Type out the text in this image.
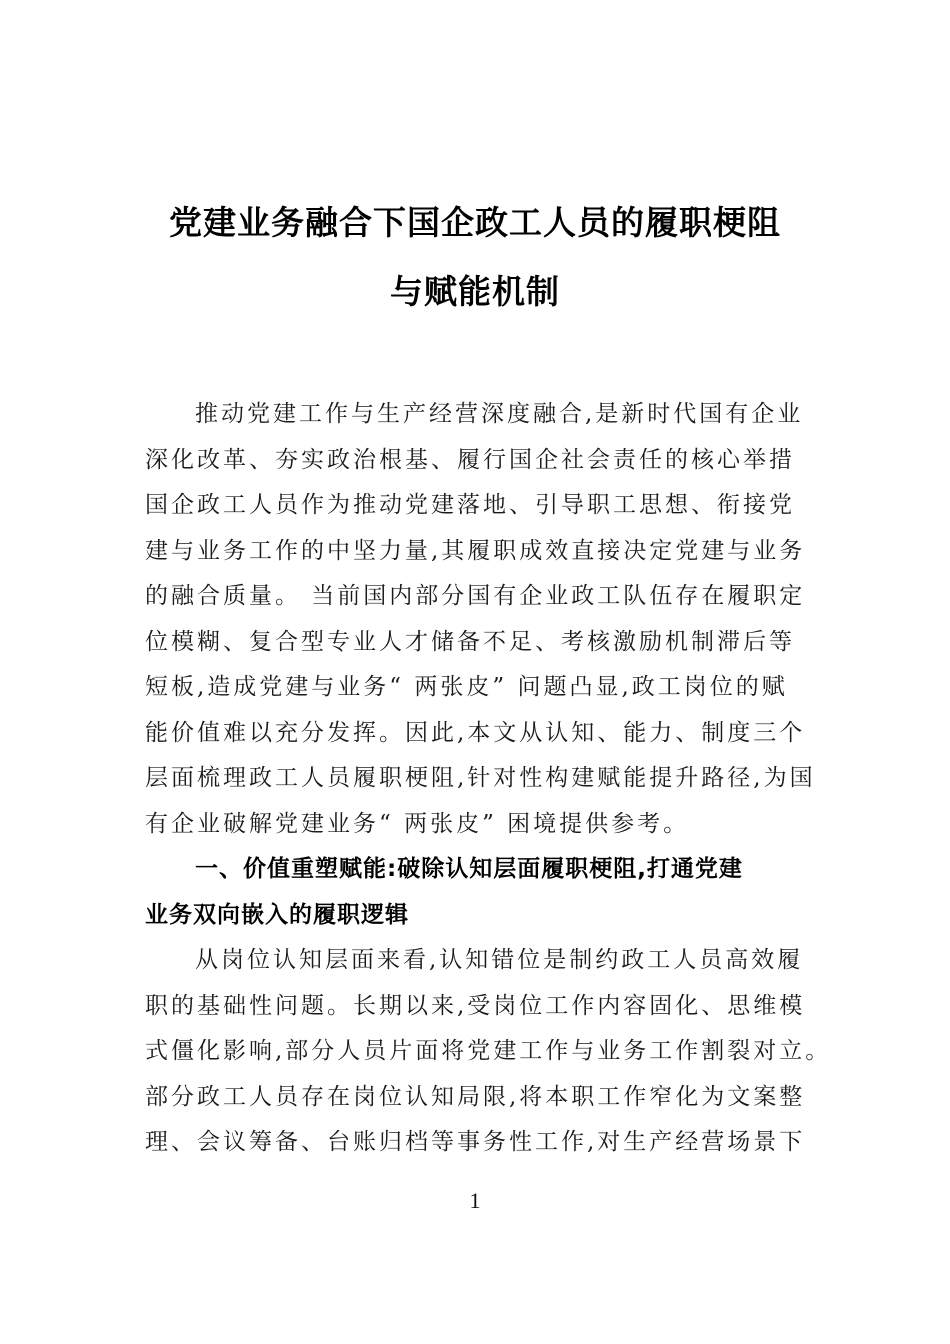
党建业务融合下国企政工人员的履职梗阻
与赋能机制
推动党建工作与生产经营深度融合,是新时代国有企业
深化改革、夯实政治根基、履行国企社会责任的核心举措
国企政工人员作为推动党建落地、引导职工思想、衔接党
建与业务工作的中坚力量,其履职成效直接决定党建与业务
的融合质量。 当前国内部分国有企业政工队伍存在履职定
位模糊、复合型专业人才储备不足、考核激励机制滞后等
短板,造成党建与业务“ 两张皮” 问题凸显,政工岗位的赋
能价值难以充分发挥。因此,本文从认知、能力、制度三个
层面梳理政工人员履职梗阻,针对性构建赋能提升路径,为国
有企业破解党建业务“ 两张皮” 困境提供参考。
一、价值重塑赋能:破除认知层面履职梗阻,打通党建
业务双向嵌入的履职逻辑
从岗位认知层面来看,认知错位是制约政工人员高效履
职的基础性问题。长期以来,受岗位工作内容固化、思维模
式僵化影响,部分人员片面将党建工作与业务工作割裂对立。
部分政工人员存在岗位认知局限,将本职工作窄化为文案整
理、会议筹备、台账归档等事务性工作,对生产经营场景下
1
